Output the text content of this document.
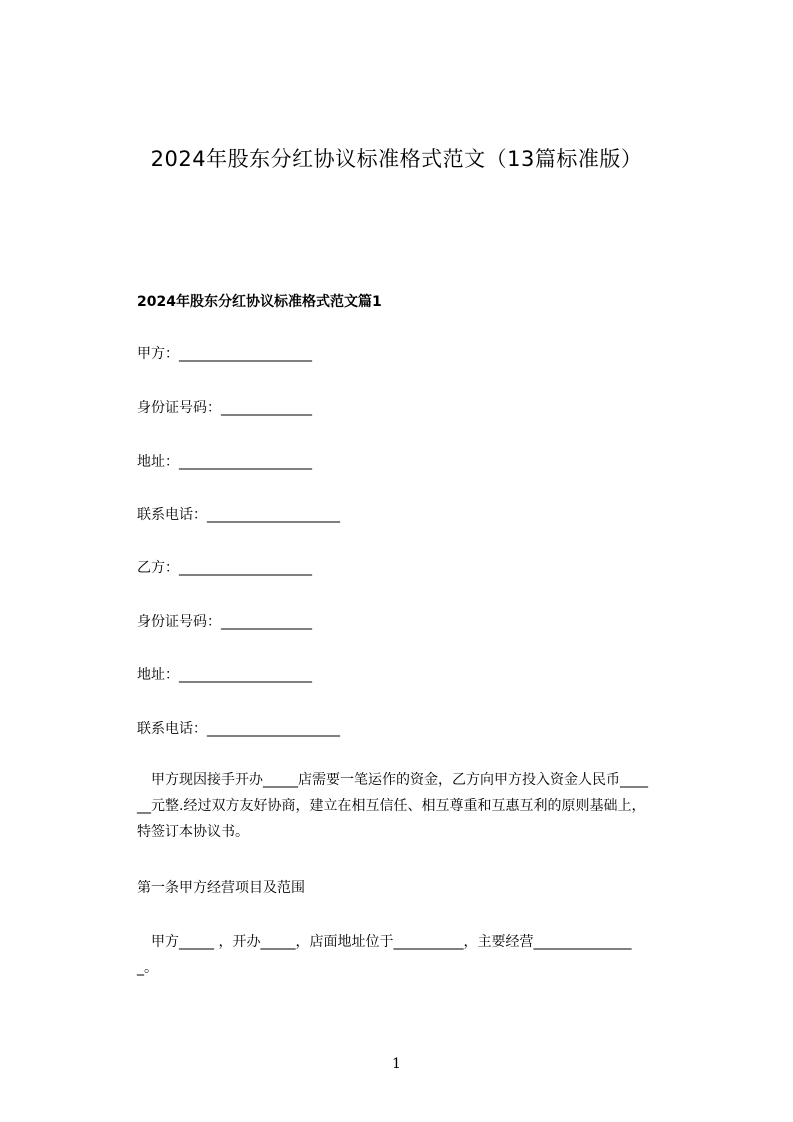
2024年股东分红协议标准格式范文（13篇标准版）
2024年股东分红协议标准格式范文篇1
甲方：___________________
身份证号码：_____________
地址：___________________
联系电话：___________________
乙方：___________________
身份证号码：_____________
地址：___________________
联系电话：___________________
　甲方现因接手开办_____店需要一笔运作的资金，乙方向甲方投入资金人民币____
__元整.经过双方友好协商，建立在相互信任、相互尊重和互惠互利的原则基础上，
特签订本协议书。
第一条甲方经营项目及范围
　甲方_____ ，开办_____，店面地址位于__________，主要经营______________
_。
1
